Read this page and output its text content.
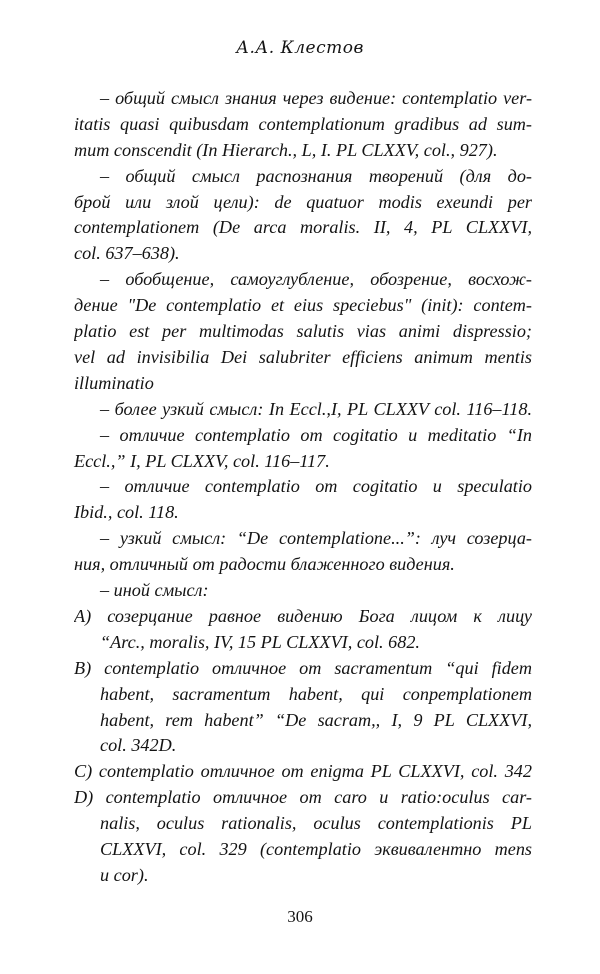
А.А. Клестов
– общий смысл знания через видение: contemplatio ver-
itatis quasi quibusdam contemplationum gradibus ad sum-
mum conscendit (In Hierarch., L, I. PL CLXXV, col., 927).
– общий смысл распознания творений (для до-
брой или злой цели): de quatuor modis exeundi per
contemplationem (De arca moralis. II, 4, PL CLXXVI,
col. 637–638).
– обобщение, самоуглубление, обозрение, восхож-
дение "De contemplatio et eius speciebus" (init): contem-
platio est per multimodas salutis vias animi dispressio;
vel ad invisibilia Dei salubriter efficiens animum mentis
illuminatio
– более узкий смысл: In Eccl.,I, PL CLXXV col. 116–118.
– отличие contemplatio от cogitatio и meditatio “In
Eccl.,” I, PL CLXXV, col. 116–117.
– отличие contemplatio от cogitatio и speculatio
Ibid., col. 118.
– узкий смысл: “De contemplatione...”: луч созерца-
ния, отличный от радости блаженного видения.
– иной смысл:
A) созерцание равное видению Бога лицом к лицу
“Arc., moralis, IV, 15 PL CLXXVI, col. 682.
B) contemplatio отличное от sacramentum “qui fidem
habent, sacramentum habent, qui conpemplationem
habent, rem habent” “De sacram,, I, 9 PL CLXXVI,
col. 342D.
C) contemplatio отличное от enigma PL CLXXVI, col. 342
D) contemplatio отличное от caro и ratio:oculus car-
nalis, oculus rationalis, oculus contemplationis PL
CLXXVI, col. 329 (contemplatio эквивалентно mens
и cor).
306
